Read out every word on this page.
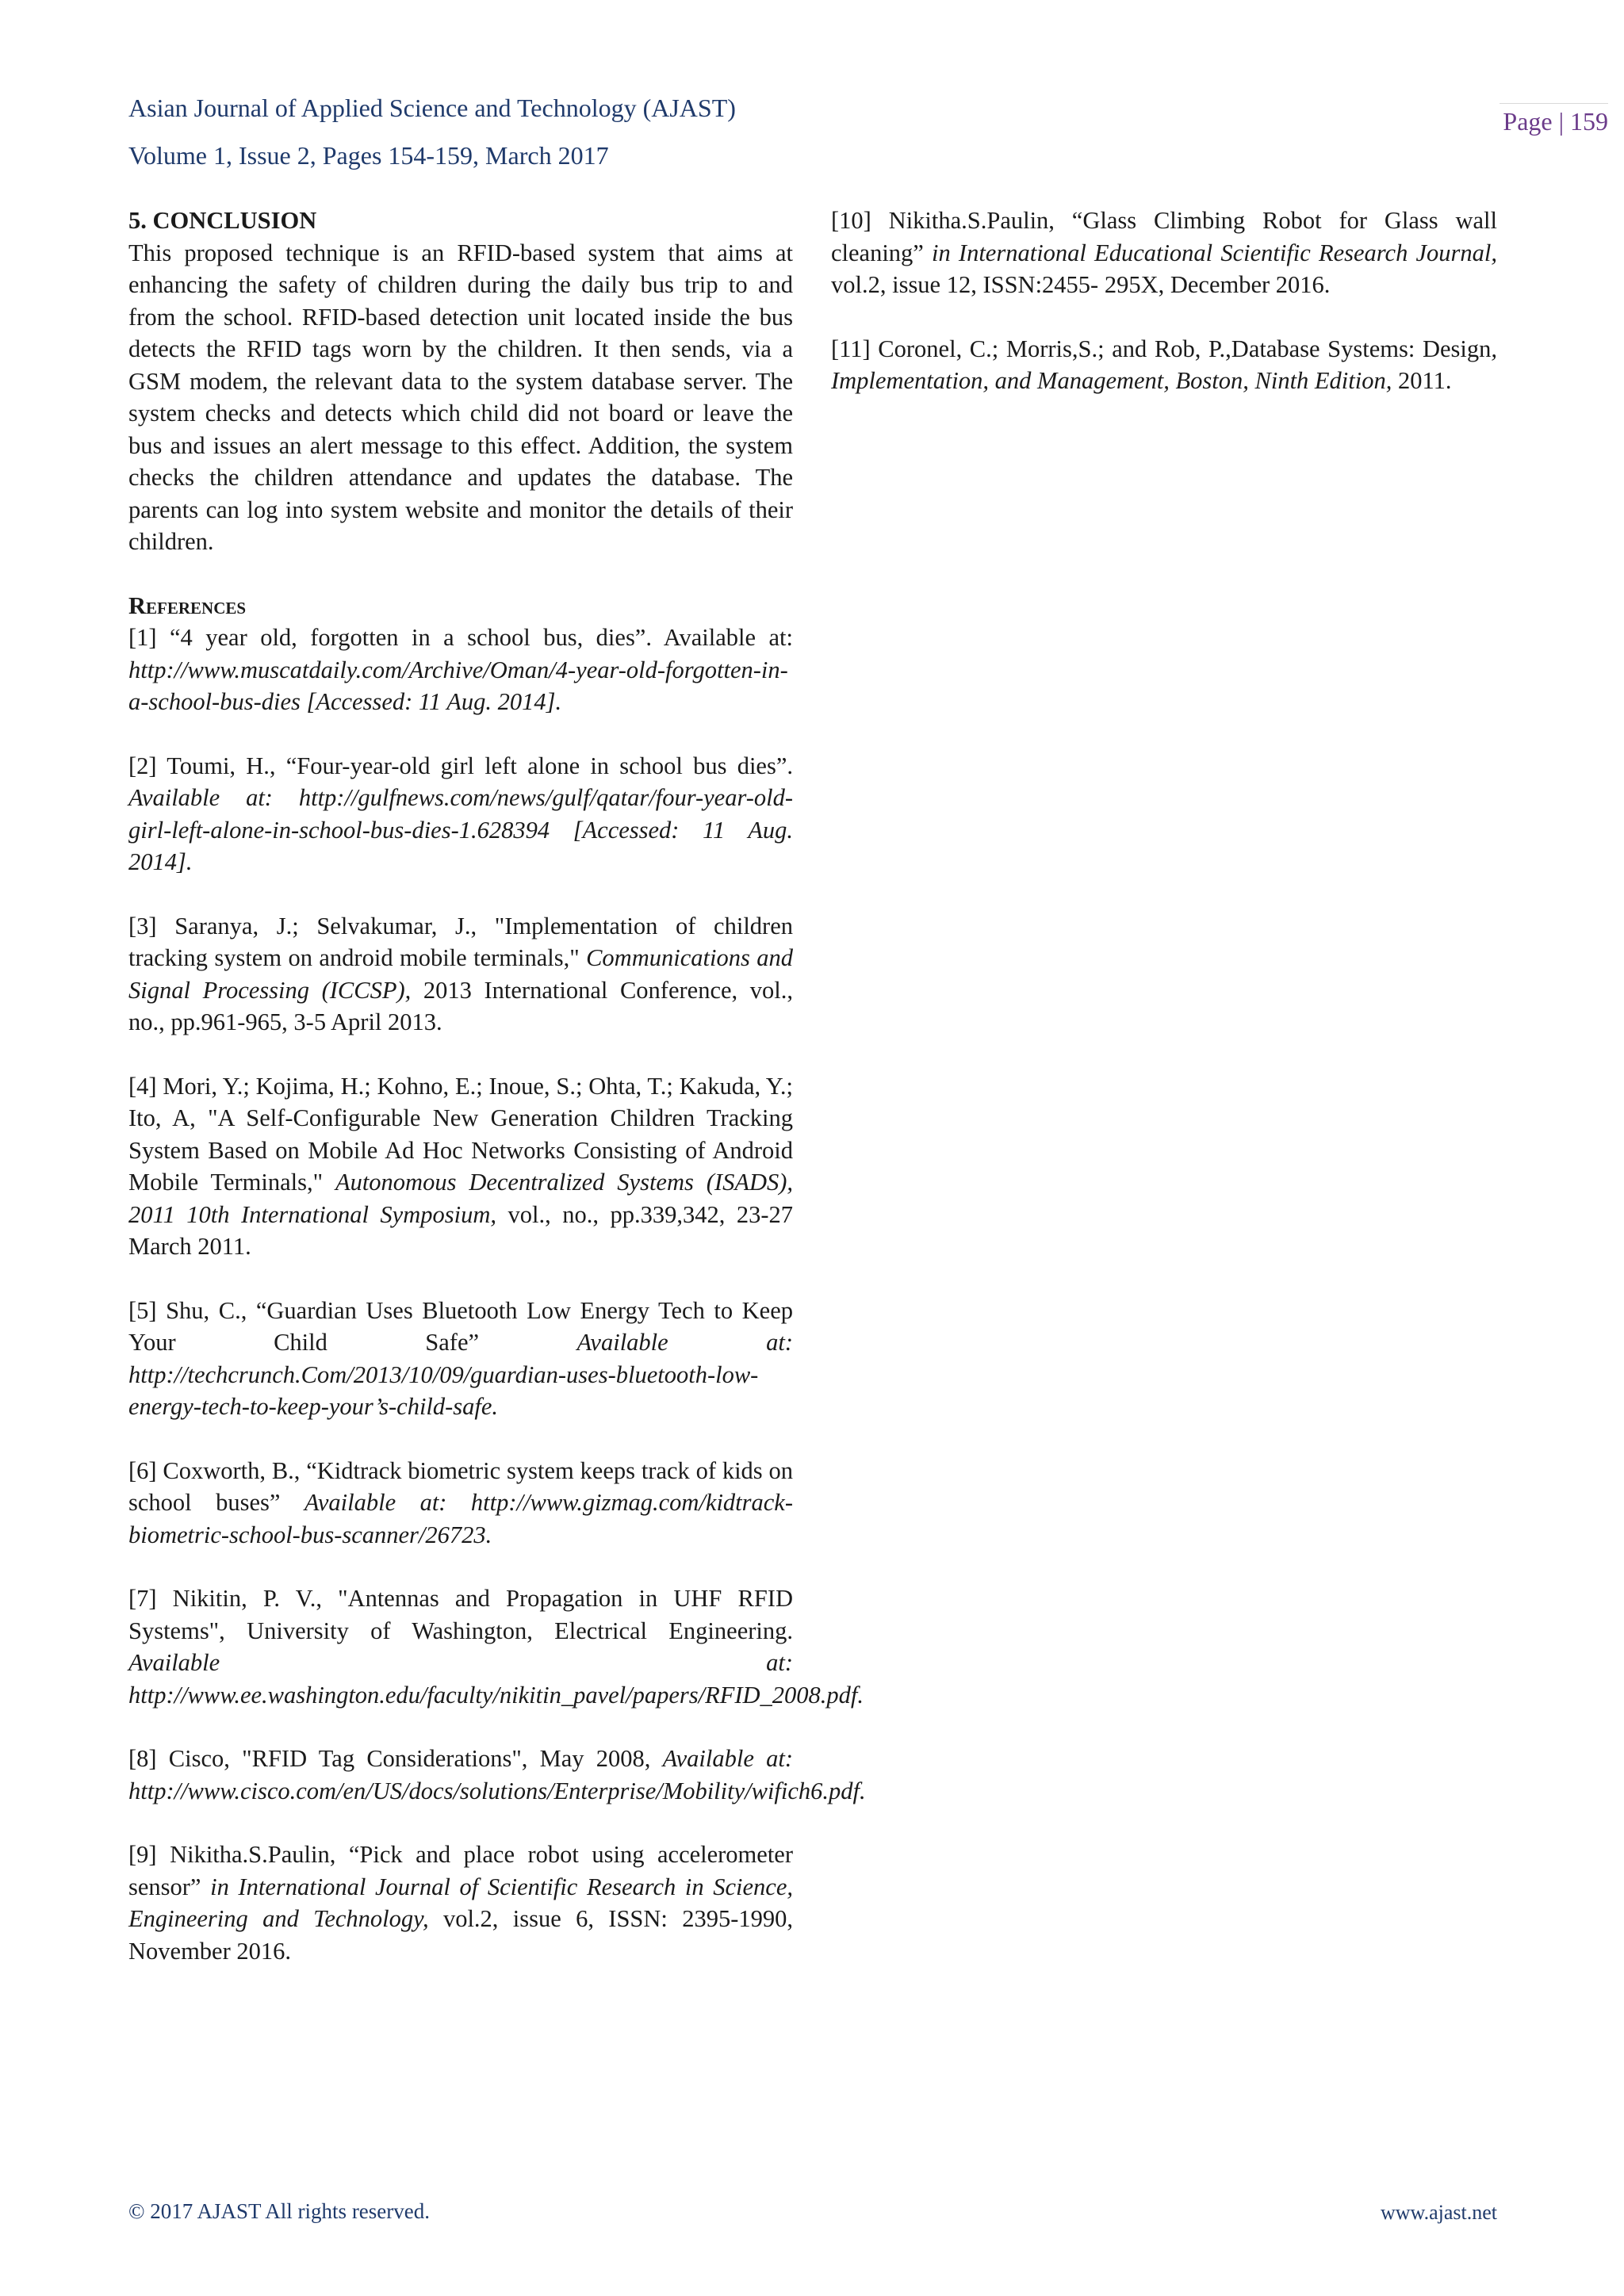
Asian Journal of Applied Science and Technology (AJAST)
Volume 1, Issue 2, Pages 154-159, March 2017
Page | 159

5. CONCLUSION

This proposed technique is an RFID-based system that aims at enhancing the safety of children during the daily bus trip to and from the school. RFID-based detection unit located inside the bus detects the RFID tags worn by the children. It then sends, via a GSM modem, the relevant data to the system database server. The system checks and detects which child did not board or leave the bus and issues an alert message to this effect. Addition, the system checks the children attendance and updates the database. The parents can log into system website and monitor the details of their children.

References

[1] “4 year old, forgotten in a school bus, dies”. Available at: http://www.muscatdaily.com/Archive/Oman/4-year-old-forgotten-in-a-school-bus-dies [Accessed: 11 Aug. 2014].

[2] Toumi, H., “Four-year-old girl left alone in school bus dies”. Available at: http://gulfnews.com/news/gulf/qatar/four-year-old-girl-left-alone-in-school-bus-dies-1.628394 [Accessed: 11 Aug. 2014].

[3] Saranya, J.; Selvakumar, J., "Implementation of children tracking system on android mobile terminals," Communications and Signal Processing (ICCSP), 2013 International Conference, vol., no., pp.961-965, 3-5 April 2013.

[4] Mori, Y.; Kojima, H.; Kohno, E.; Inoue, S.; Ohta, T.; Kakuda, Y.; Ito, A, "A Self-Configurable New Generation Children Tracking System Based on Mobile Ad Hoc Networks Consisting of Android Mobile Terminals," Autonomous Decentralized Systems (ISADS), 2011 10th International Symposium, vol., no., pp.339,342, 23-27 March 2011.

[5] Shu, C., “Guardian Uses Bluetooth Low Energy Tech to Keep Your Child Safe” Available at: http://techcrunch.Com/2013/10/09/guardian-uses-bluetooth-low-energy-tech-to-keep-your’s-child-safe.

[6] Coxworth, B., “Kidtrack biometric system keeps track of kids on school buses” Available at: http://www.gizmag.com/kidtrack-biometric-school-bus-scanner/26723.

[7] Nikitin, P. V., "Antennas and Propagation in UHF RFID Systems", University of Washington, Electrical Engineering. Available at: http://www.ee.washington.edu/faculty/nikitin_pavel/papers/RFID_2008.pdf.

[8] Cisco, "RFID Tag Considerations", May 2008, Available at: http://www.cisco.com/en/US/docs/solutions/Enterprise/Mobility/wifich6.pdf.

[9] Nikitha.S.Paulin, “Pick and place robot using accelerometer sensor” in International Journal of Scientific Research in Science, Engineering and Technology, vol.2, issue 6, ISSN: 2395-1990, November 2016.

[10] Nikitha.S.Paulin, “Glass Climbing Robot for Glass wall cleaning” in International Educational Scientific Research Journal, vol.2, issue 12, ISSN:2455- 295X, December 2016.

[11] Coronel, C.; Morris,S.; and Rob, P.,Database Systems: Design, Implementation, and Management, Boston, Ninth Edition, 2011.

© 2017 AJAST All rights reserved.	www.ajast.net
